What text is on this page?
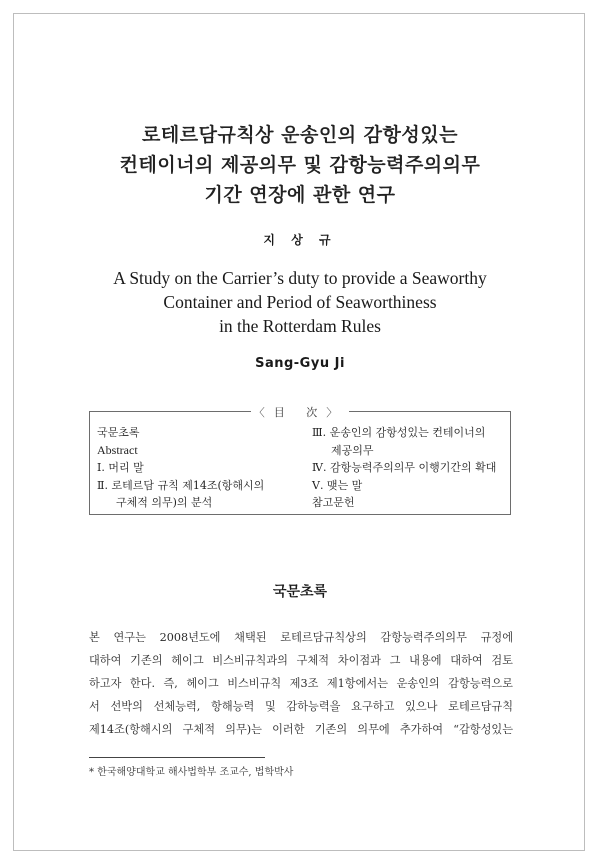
로테르담규칙상 운송인의 감항성있는
컨테이너의 제공의무 및 감항능력주의의무
기간 연장에 관한 연구
지 상 규
A Study on the Carrier’s duty to provide a Seaworthy
Container and Period of Seaworthiness
in the Rotterdam Rules
Sang-Gyu Ji
〈目 次〉
국문초록
Abstract
Ⅰ. 머리 말
Ⅱ. 로테르담 규칙 제14조(항해시의
구체적 의무)의 분석
Ⅲ. 운송인의 감항성있는 컨테이너의
제공의무
Ⅳ. 감항능력주의의무 이행기간의 확대
Ⅴ. 맺는 말
참고문헌
국문초록
본 연구는 2008년도에 채택된 로테르담규칙상의 감항능력주의의무 규정에
대하여 기존의 헤이그 비스비규칙과의 구체적 차이점과 그 내용에 대하여 검토
하고자 한다. 즉, 헤이그 비스비규칙 제3조 제1항에서는 운송인의 감항능력으로
서 선박의 선체능력, 항해능력 및 감하능력을 요구하고 있으나 로테르담규칙
제14조(항해시의 구체적 의무)는 이러한 기존의 의무에 추가하여 “감항성있는
* 한국해양대학교 해사법학부 조교수, 법학박사
